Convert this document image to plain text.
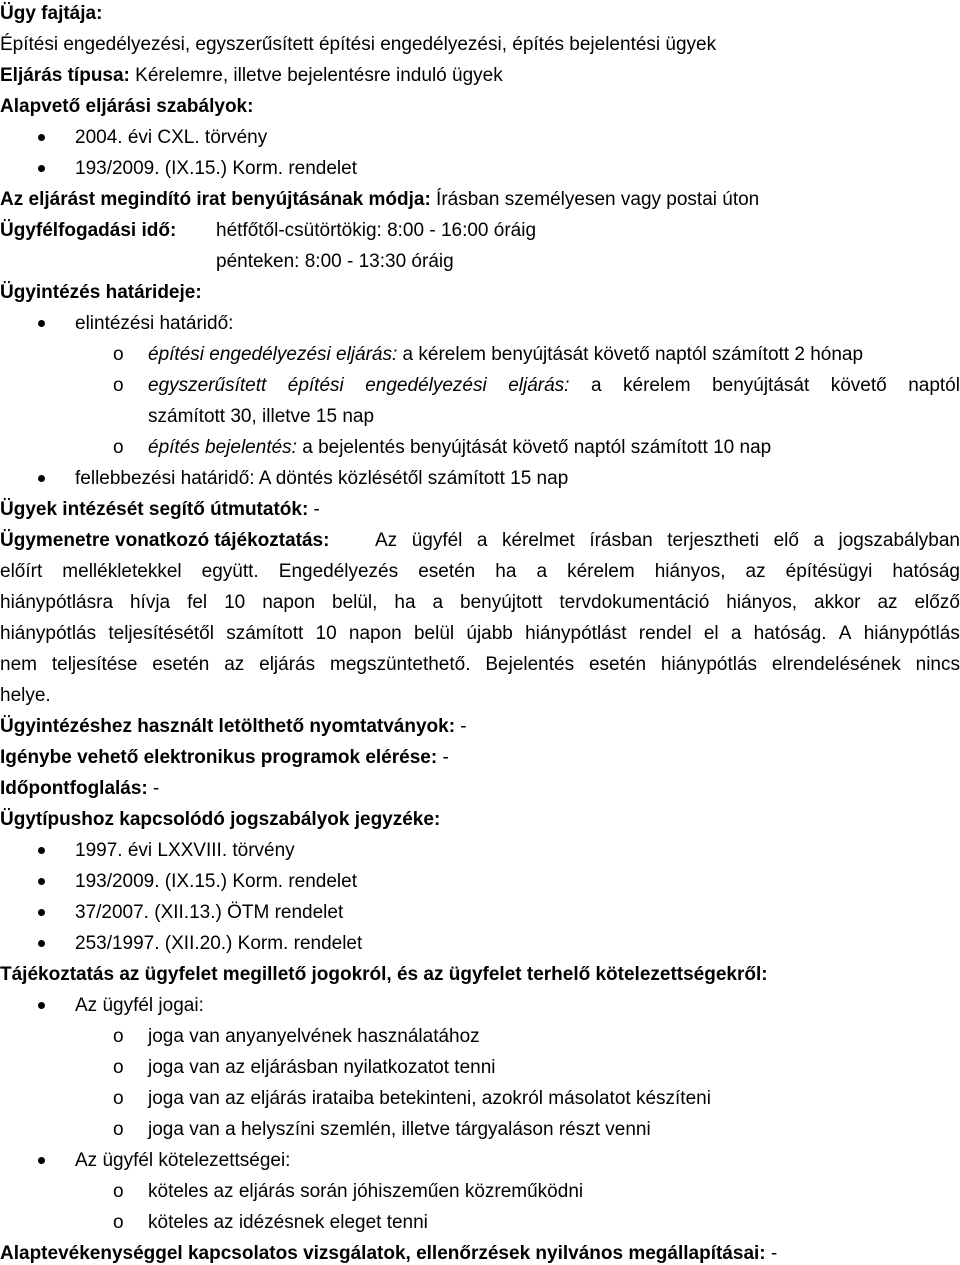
Ügy fajtája:
Építési engedélyezési, egyszerűsített építési engedélyezési, építés bejelentési ügyek
Eljárás típusa: Kérelemre, illetve bejelentésre induló ügyek
Alapvető eljárási szabályok:
2004. évi CXL. törvény
193/2009. (IX.15.) Korm. rendelet
Az eljárást megindító irat benyújtásának módja: Írásban személyesen vagy postai úton
Ügyfélfogadási idő: hétfőtől-csütörtökig: 8:00 - 16:00 óráig
pénteken: 8:00 - 13:30 óráig
Ügyintézés határideje:
elintézési határidő:
o építési engedélyezési eljárás: a kérelem benyújtását követő naptól számított 2 hónap
o egyszerűsített építési engedélyezési eljárás: a kérelem benyújtását követő naptól
számított 30, illetve 15 nap
o építés bejelentés: a bejelentés benyújtását követő naptól számított 10 nap
fellebbezési határidő: A döntés közlésétől számított 15 nap
Ügyek intézését segítő útmutatók: -
Ügymenetre vonatkozó tájékoztatás: Az ügyfél a kérelmet írásban terjesztheti elő a jogszabályban
előírt mellékletekkel együtt. Engedélyezés esetén ha a kérelem hiányos, az építésügyi hatóság
hiánypótlásra hívja fel 10 napon belül, ha a benyújtott tervdokumentáció hiányos, akkor az előző
hiánypótlás teljesítésétől számított 10 napon belül újabb hiánypótlást rendel el a hatóság. A hiánypótlás
nem teljesítése esetén az eljárás megszüntethető. Bejelentés esetén hiánypótlás elrendelésének nincs
helye.
Ügyintézéshez használt letölthető nyomtatványok: -
Igénybe vehető elektronikus programok elérése: -
Időpontfoglalás: -
Ügytípushoz kapcsolódó jogszabályok jegyzéke:
1997. évi LXXVIII. törvény
193/2009. (IX.15.) Korm. rendelet
37/2007. (XII.13.) ÖTM rendelet
253/1997. (XII.20.) Korm. rendelet
Tájékoztatás az ügyfelet megillető jogokról, és az ügyfelet terhelő kötelezettségekről:
Az ügyfél jogai:
o joga van anyanyelvének használatához
o joga van az eljárásban nyilatkozatot tenni
o joga van az eljárás irataiba betekinteni, azokról másolatot készíteni
o joga van a helyszíni szemlén, illetve tárgyaláson részt venni
Az ügyfél kötelezettségei:
o köteles az eljárás során jóhiszeműen közreműködni
o köteles az idézésnek eleget tenni
Alaptevékenységgel kapcsolatos vizsgálatok, ellenőrzések nyilvános megállapításai: -
